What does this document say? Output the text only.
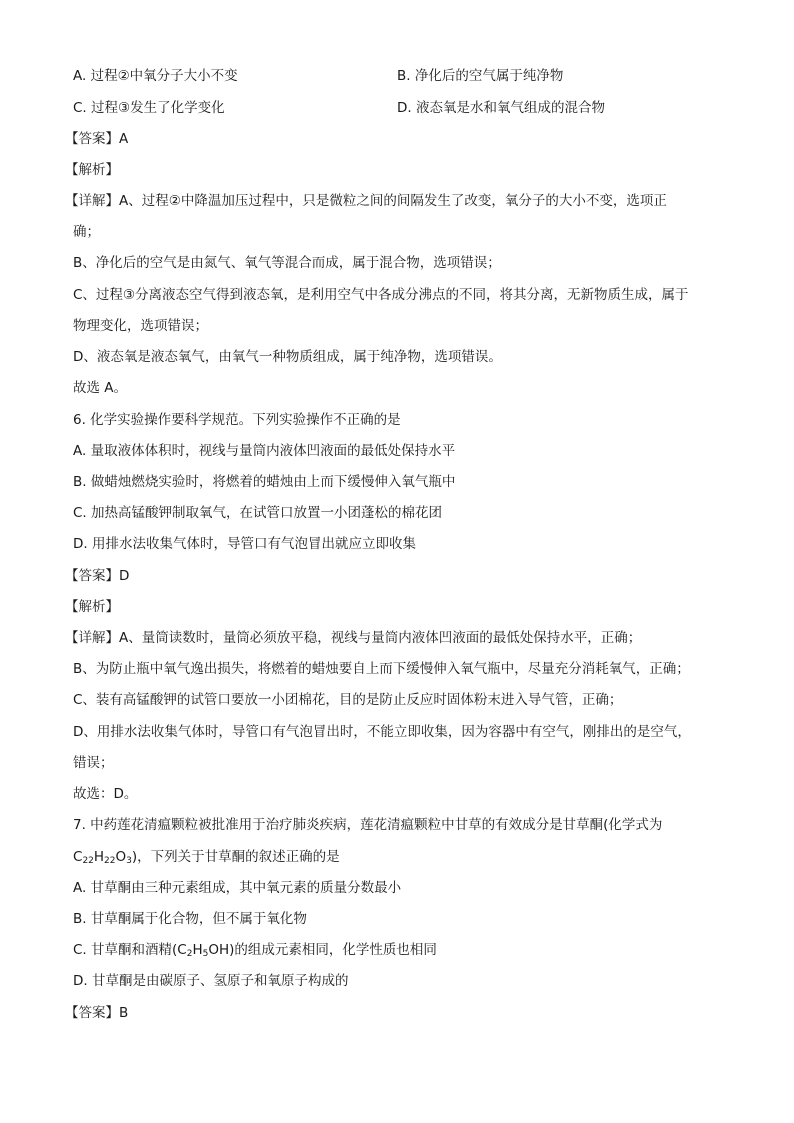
A. 过程②中氧分子大小不变	B. 净化后的空气属于纯净物
C. 过程③发生了化学变化	D. 液态氧是水和氧气组成的混合物
【答案】A
【解析】
【详解】A、过程②中降温加压过程中，只是微粒之间的间隔发生了改变，氧分子的大小不变，选项正
确；
B、净化后的空气是由氮气、氧气等混合而成，属于混合物，选项错误；
C、过程③分离液态空气得到液态氧，是利用空气中各成分沸点的不同，将其分离，无新物质生成，属于
物理变化，选项错误；
D、液态氧是液态氧气，由氧气一种物质组成，属于纯净物，选项错误。
故选 A。
6. 化学实验操作要科学规范。下列实验操作不正确的是
A. 量取液体体积时，视线与量筒内液体凹液面的最低处保持水平
B. 做蜡烛燃烧实验时，将燃着的蜡烛由上而下缓慢伸入氧气瓶中
C. 加热高锰酸钾制取氧气，在试管口放置一小团蓬松的棉花团
D. 用排水法收集气体时，导管口有气泡冒出就应立即收集
【答案】D
【解析】
【详解】A、量筒读数时，量筒必须放平稳，视线与量筒内液体凹液面的最低处保持水平，正确；
B、为防止瓶中氧气逸出损失，将燃着的蜡烛要自上而下缓慢伸入氧气瓶中，尽量充分消耗氧气，正确；
C、装有高锰酸钾的试管口要放一小团棉花，目的是防止反应时固体粉末进入导气管，正确；
D、用排水法收集气体时，导管口有气泡冒出时，不能立即收集，因为容器中有空气，刚排出的是空气，
错误；
故选：D。
7. 中药莲花清瘟颗粒被批准用于治疗肺炎疾病，莲花清瘟颗粒中甘草的有效成分是甘草酮(化学式为
$C_{22}H_{22}O_3$)，下列关于甘草酮的叙述正确的是
A. 甘草酮由三种元素组成，其中氧元素的质量分数最小
B. 甘草酮属于化合物，但不属于氧化物
C. 甘草酮和酒精$(C_2H_5OH)$的组成元素相同，化学性质也相同
D. 甘草酮是由碳原子、氢原子和氧原子构成的
【答案】B
